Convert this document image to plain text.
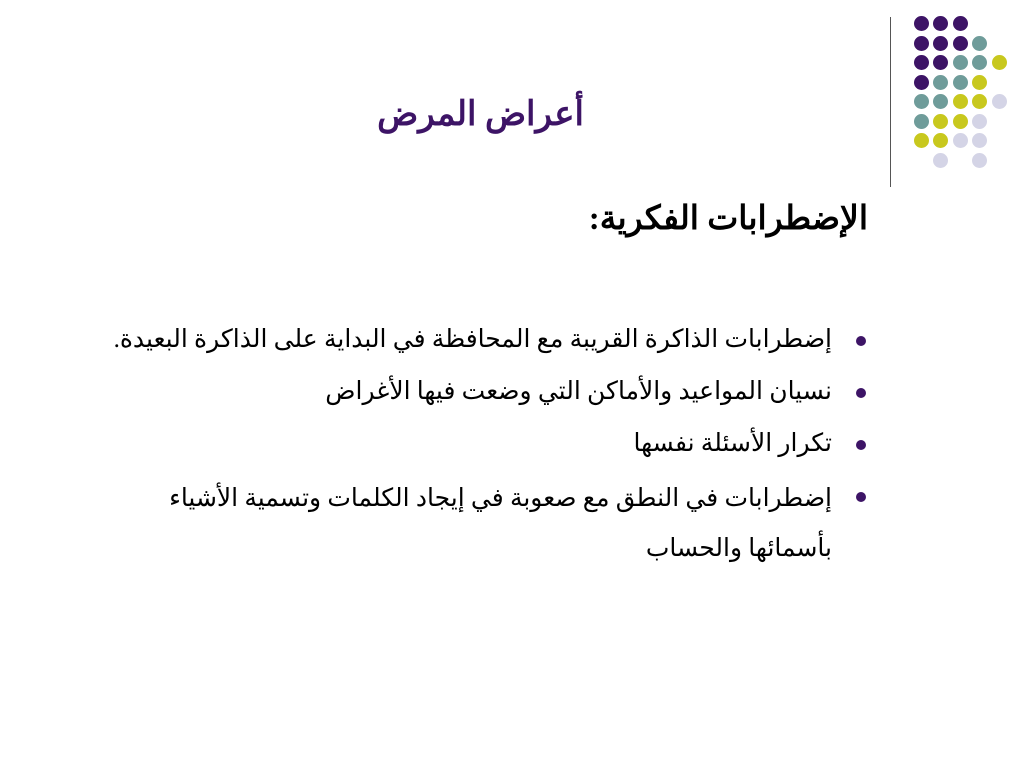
أعراض المرض
الإضطرابات الفكرية:
إضطرابات الذاكرة القريبة مع المحافظة في البداية على الذاكرة البعيدة.
نسيان المواعيد والأماكن التي وضعت فيها الأغراض
تكرار الأسئلة نفسها
إضطرابات في النطق مع صعوبة في إيجاد الكلمات وتسمية الأشياء بأسمائها والحساب
